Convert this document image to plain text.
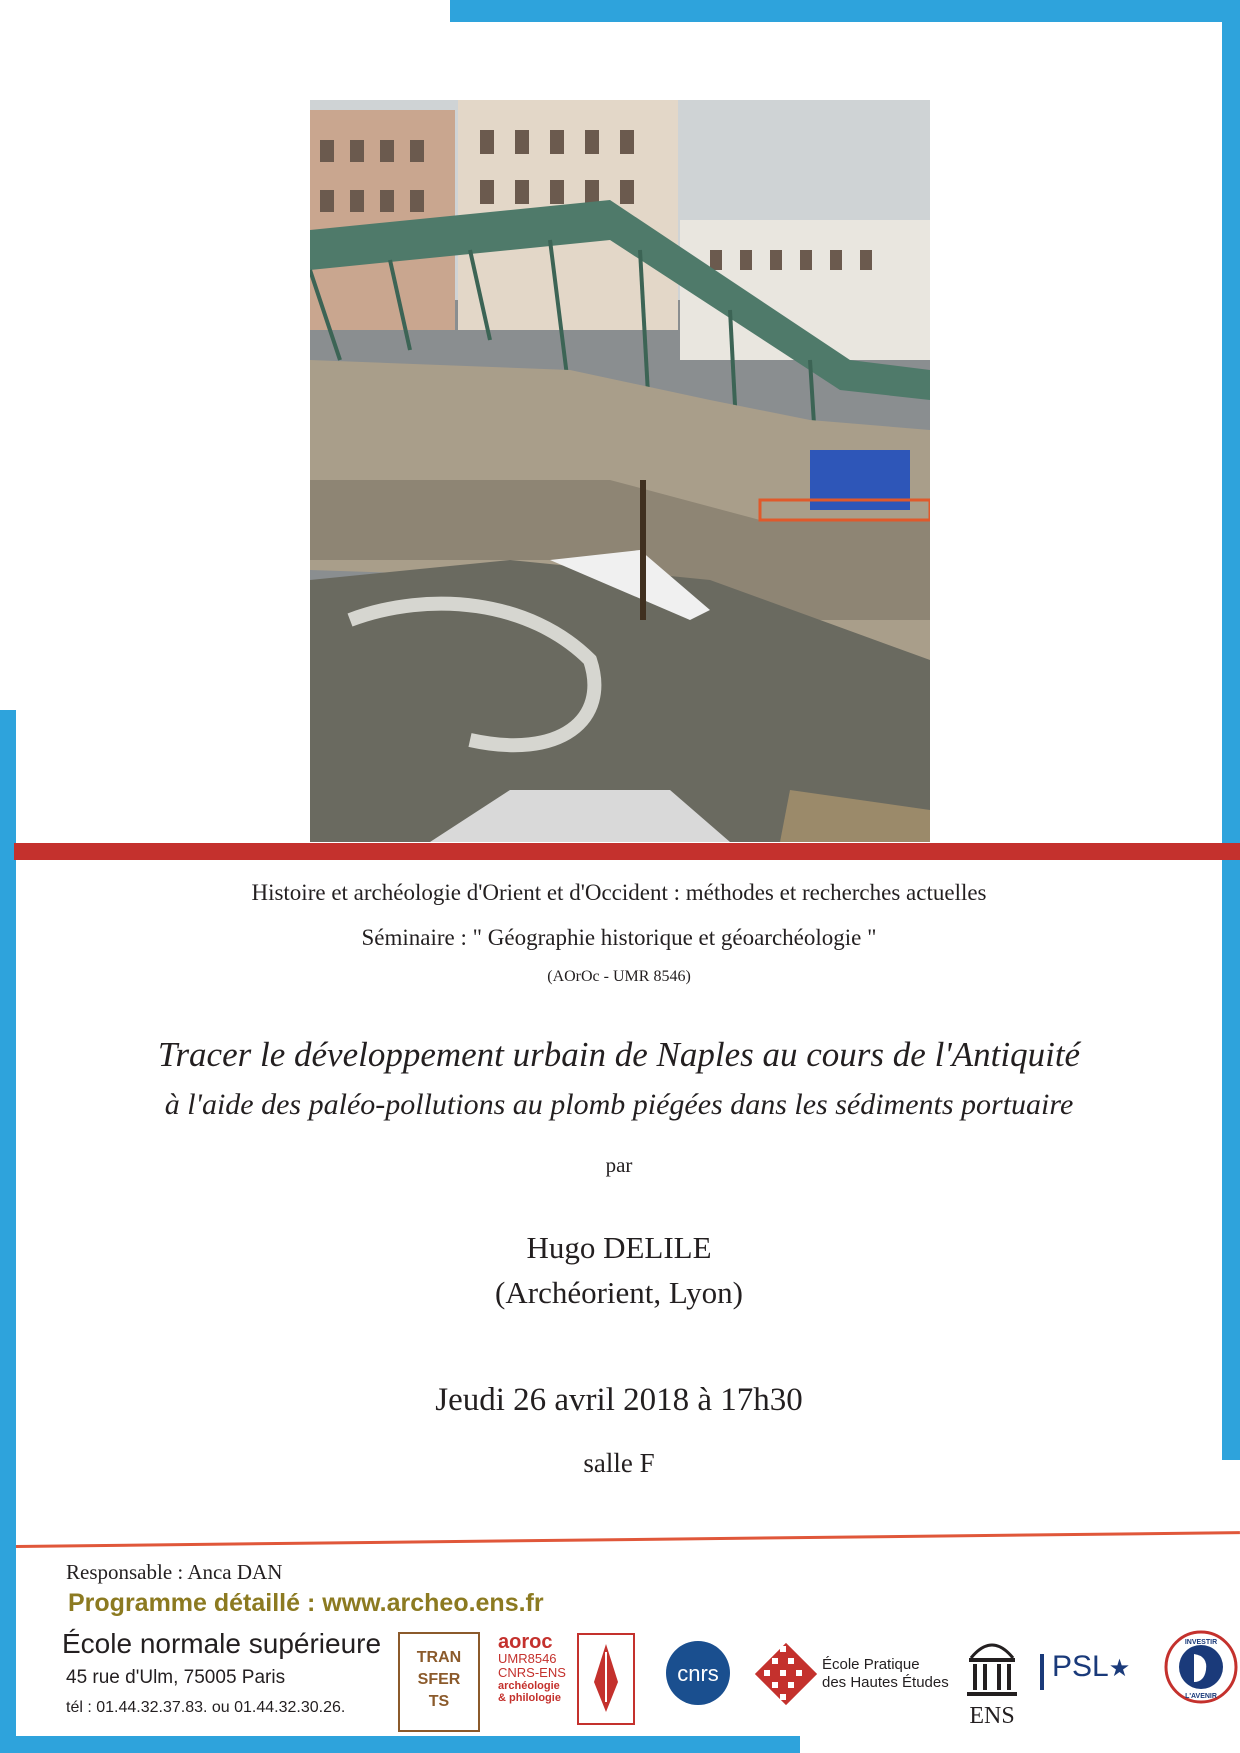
Histoire et archéologie d'Orient et d'Occident : méthodes et recherches actuelles
Séminaire : " Géographie historique et géoarchéologie "
(AOrOc - UMR 8546)
Tracer le développement urbain de Naples au cours de l'Antiquité
à l'aide des paléo-pollutions au plomb piégées dans les sédiments portuaire
par
Hugo DELILE
(Archéorient, Lyon)
Jeudi 26 avril 2018 à 17h30
salle F
Responsable : Anca DAN
Programme détaillé : www.archeo.ens.fr
École normale supérieure
45 rue d'Ulm, 75005 Paris
tél : 01.44.32.37.83. ou 01.44.32.30.26.
TRAN
SFER
TS
aoroc
UMR8546
CNRS-ENS
archéologie
& philologie
cnrs	École Pratique
des Hautes Études
ENS
PSL★
INVESTIR
L'AVENIR
